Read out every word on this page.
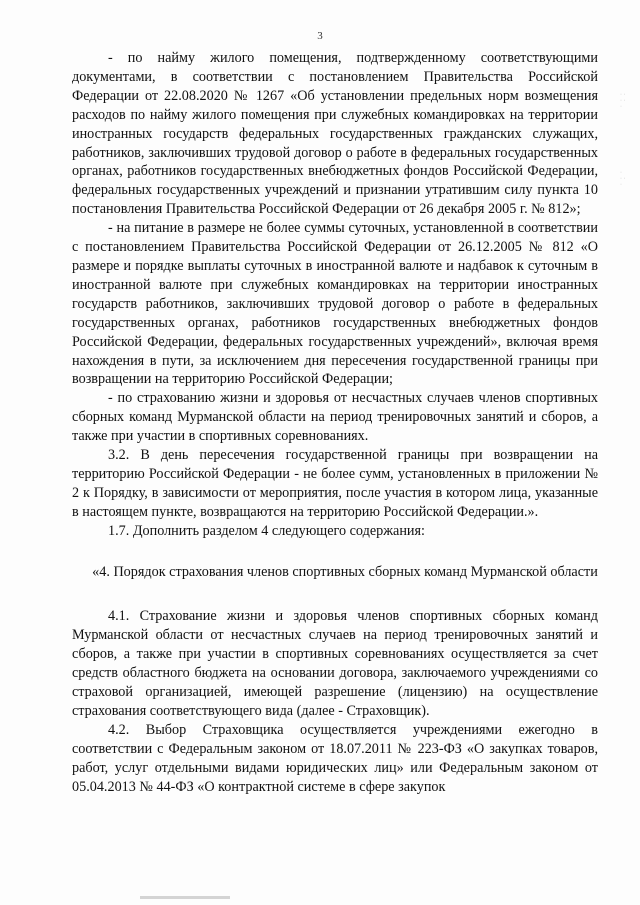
3
· ·
· ·
·
·
· ·
·

- по найму жилого помещения, подтвержденному соответствующими документами, в соответствии с постановлением Правительства Российской Федерации от 22.08.2020 № 1267 «Об установлении предельных норм возмещения расходов по найму жилого помещения при служебных командировках на территории иностранных государств федеральных государственных гражданских служащих, работников, заключивших трудовой договор о работе в федеральных государственных органах, работников государственных внебюджетных фондов Российской Федерации, федеральных государственных учреждений и признании утратившим силу пункта 10 постановления Правительства Российской Федерации от 26 декабря 2005 г. № 812»;

- на питание в размере не более суммы суточных, установленной в соответствии с постановлением Правительства Российской Федерации от 26.12.2005 № 812 «О размере и порядке выплаты суточных в иностранной валюте и надбавок к суточным в иностранной валюте при служебных командировках на территории иностранных государств работников, заключивших трудовой договор о работе в федеральных государственных органах, работников государственных внебюджетных фондов Российской Федерации, федеральных государственных учреждений», включая время нахождения в пути, за исключением дня пересечения государственной границы при возвращении на территорию Российской Федерации;

- по страхованию жизни и здоровья от несчастных случаев членов спортивных сборных команд Мурманской области на период тренировочных занятий и сборов, а также при участии в спортивных соревнованиях.

3.2. В день пересечения государственной границы при возвращении на территорию Российской Федерации - не более сумм, установленных в приложении № 2 к Порядку, в зависимости от мероприятия, после участия в котором лица, указанные в настоящем пункте, возвращаются на территорию Российской Федерации.».

1.7. Дополнить разделом 4 следующего содержания:

«4. Порядок страхования членов спортивных сборных команд Мурманской области

4.1. Страхование жизни и здоровья членов спортивных сборных команд Мурманской области от несчастных случаев на период тренировочных занятий и сборов, а также при участии в спортивных соревнованиях осуществляется за счет средств областного бюджета на основании договора, заключаемого учреждениями со страховой организацией, имеющей разрешение (лицензию) на осуществление страхования соответствующего вида (далее - Страховщик).

4.2. Выбор Страховщика осуществляется учреждениями ежегодно в соответствии с Федеральным законом от 18.07.2011 № 223-ФЗ «О закупках товаров, работ, услуг отдельными видами юридических лиц» или Федеральным законом от 05.04.2013 № 44-ФЗ «О контрактной системе в сфере закупок
